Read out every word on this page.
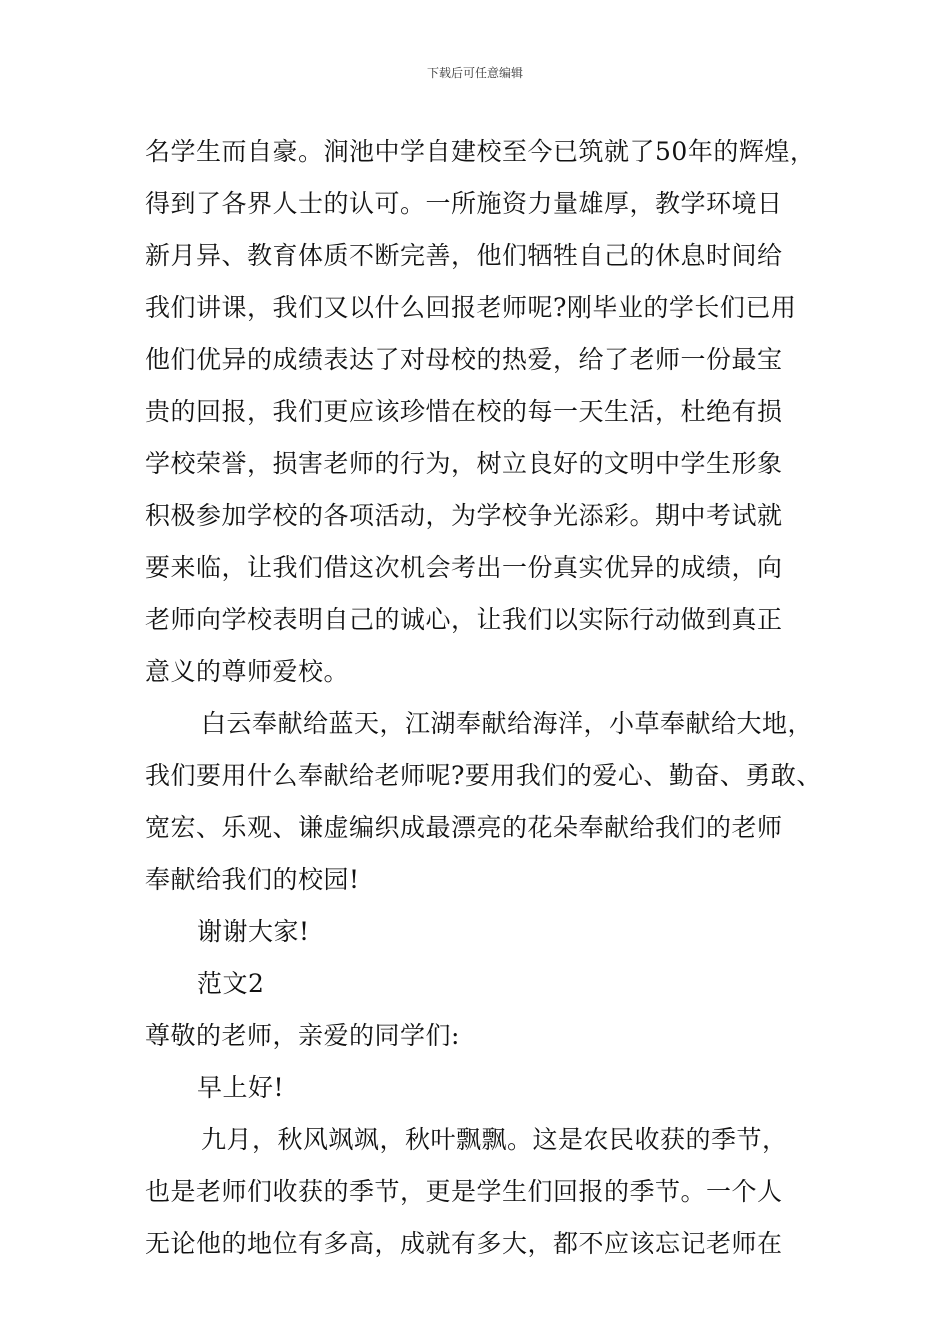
下载后可任意编辑
名学生而自豪。涧池中学自建校至今已筑就了50年的辉煌，
得到了各界人士的认可。一所施资力量雄厚，教学环境日
新月异、教育体质不断完善，他们牺牲自己的休息时间给
我们讲课，我们又以什么回报老师呢?刚毕业的学长们已用
他们优异的成绩表达了对母校的热爱，给了老师一份最宝
贵的回报，我们更应该珍惜在校的每一天生活，杜绝有损
学校荣誉，损害老师的行为，树立良好的文明中学生形象
积极参加学校的各项活动，为学校争光添彩。期中考试就
要来临，让我们借这次机会考出一份真实优异的成绩，向
老师向学校表明自己的诚心，让我们以实际行动做到真正
意义的尊师爱校。
白云奉献给蓝天，江湖奉献给海洋，小草奉献给大地，
我们要用什么奉献给老师呢?要用我们的爱心、勤奋、勇敢、
宽宏、乐观、谦虚编织成最漂亮的花朵奉献给我们的老师
奉献给我们的校园!
谢谢大家!
范文2
尊敬的老师，亲爱的同学们:
早上好!
九月，秋风飒飒，秋叶飘飘。这是农民收获的季节，
也是老师们收获的季节，更是学生们回报的季节。一个人
无论他的地位有多高，成就有多大，都不应该忘记老师在
